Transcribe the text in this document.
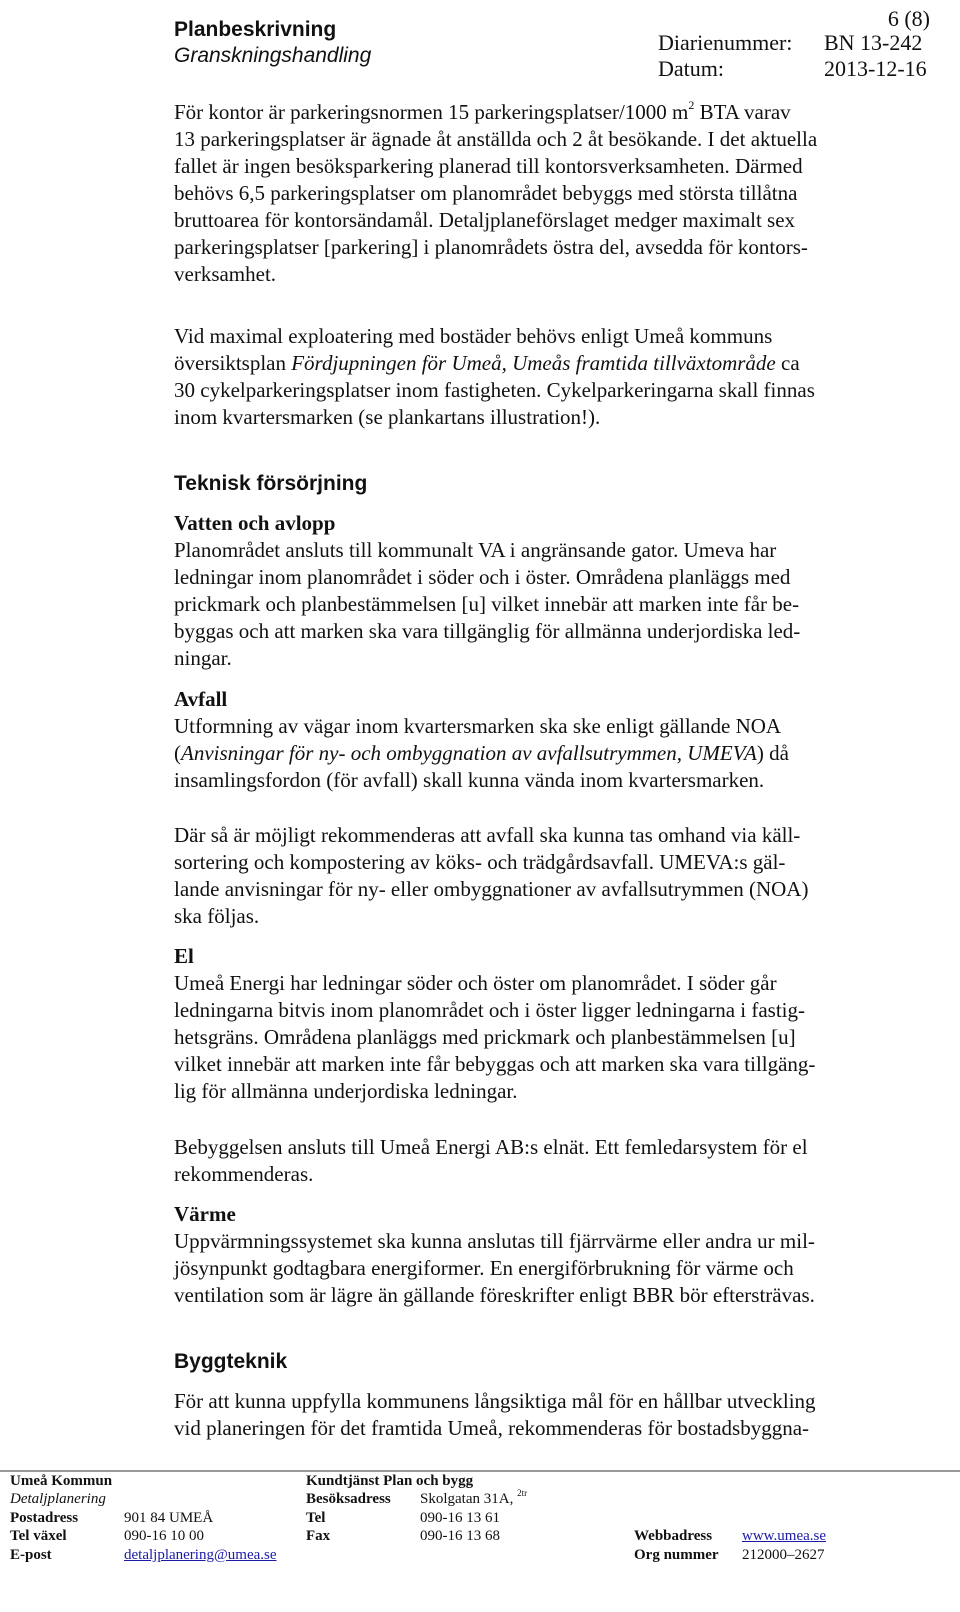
Planbeskrivning
Granskningshandling
6 (8)
Diarienummer: BN 13-242
Datum:	2013-12-16

För kontor är parkeringsnormen 15 parkeringsplatser/1000 $m^2$ BTA varav

13 parkeringsplatser är ägnade åt anställda och 2 åt besökande. I det aktuella

fallet är ingen besöksparkering planerad till kontorsverksamheten. Därmed

behövs 6,5 parkeringsplatser om planområdet bebyggs med största tillåtna

bruttoarea för kontorsändamål. Detaljplaneförslaget medger maximalt sex

parkeringsplatser [parkering] i planområdets östra del, avsedda för kontors-

verksamhet.

Vid maximal exploatering med bostäder behövs enligt Umeå kommuns

översiktsplan Fördjupningen för Umeå, Umeås framtida tillväxtområde ca

30 cykelparkeringsplatser inom fastigheten. Cykelparkeringarna skall finnas

inom kvartersmarken (se plankartans illustration!).

Teknisk försörjning

Vatten och avlopp

Planområdet ansluts till kommunalt VA i angränsande gator. Umeva har

ledningar inom planområdet i söder och i öster. Områdena planläggs med

prickmark och planbestämmelsen [u] vilket innebär att marken inte får be-

byggas och att marken ska vara tillgänglig för allmänna underjordiska led-

ningar.

Avfall

Utformning av vägar inom kvartersmarken ska ske enligt gällande NOA

(Anvisningar för ny- och ombyggnation av avfallsutrymmen, UMEVA) då

insamlingsfordon (för avfall) skall kunna vända inom kvartersmarken.

Där så är möjligt rekommenderas att avfall ska kunna tas omhand via käll-

sortering och kompostering av köks- och trädgårdsavfall. UMEVA:s gäl-

lande anvisningar för ny- eller ombyggnationer av avfallsutrymmen (NOA)

ska följas.

El

Umeå Energi har ledningar söder och öster om planområdet. I söder går

ledningarna bitvis inom planområdet och i öster ligger ledningarna i fastig-

hetsgräns. Områdena planläggs med prickmark och planbestämmelsen [u]

vilket innebär att marken inte får bebyggas och att marken ska vara tillgäng-

lig för allmänna underjordiska ledningar.

Bebyggelsen ansluts till Umeå Energi AB:s elnät. Ett femledarsystem för el

rekommenderas.

Värme

Uppvärmningssystemet ska kunna anslutas till fjärrvärme eller andra ur mil-

jösynpunkt godtagbara energiformer. En energiförbrukning för värme och

ventilation som är lägre än gällande föreskrifter enligt BBR bör eftersträvas.

Byggteknik

För att kunna uppfylla kommunens långsiktiga mål för en hållbar utveckling

vid planeringen för det framtida Umeå, rekommenderas för bostadsbyggna-

Umeå Kommun
Detaljplanering
Postadress	901 84 UMEÅ
Tel växel	090-16 10 00
E-post	detaljplanering@umea.se
Kundtjänst Plan och bygg
Besöksadress Skolgatan 31A, $^{2tr}$
Tel	090-16 13 61
Fax	090-16 13 68	Webbadress www.umea.se
Org nummer 212000–2627
